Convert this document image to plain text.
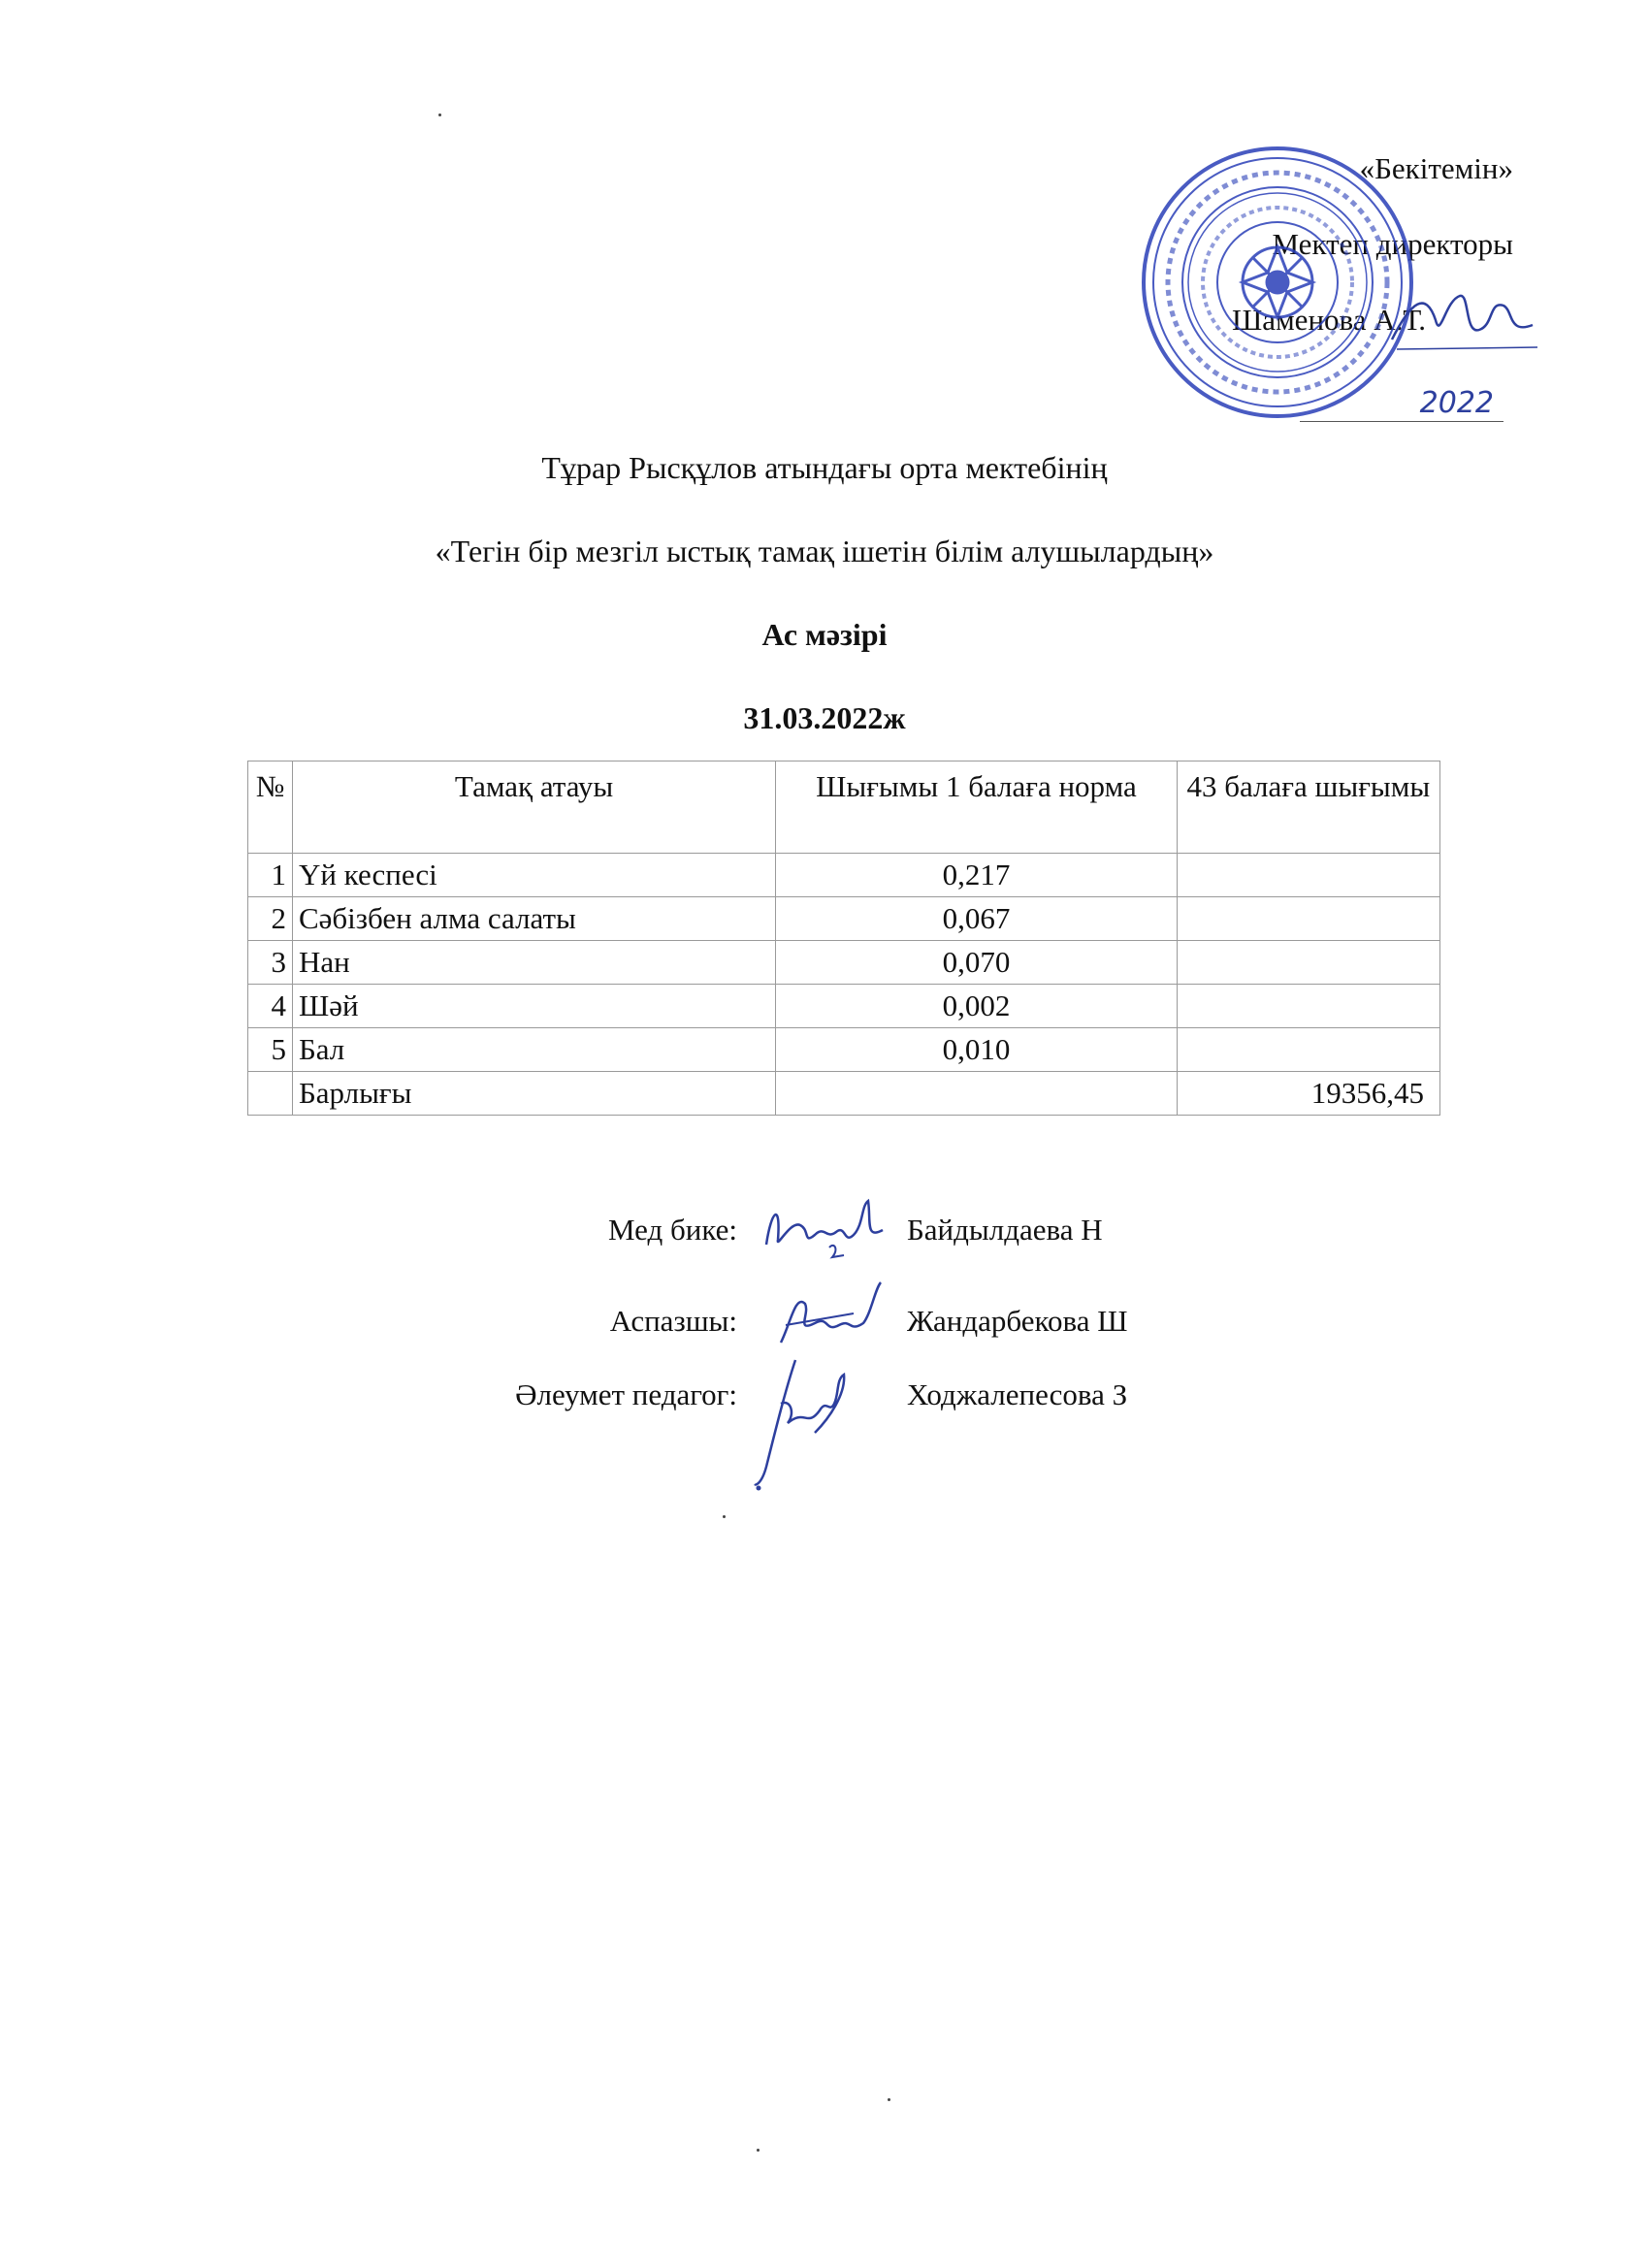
«Бекітемін»
Мектеп директоры
Шаменова А.Т.
2022
Тұрар Рысқұлов атындағы орта мектебінің
«Тегін бір мезгіл ыстық тамақ ішетін білім алушылардың»
Ас мәзірі
31.03.2022ж
№	Тамақ атауы	Шығымы 1 балаға норма	43 балаға шығымы
1	Үй кеспесі	0,217	
2	Сәбізбен алма салаты	0,067	
3	Нан	0,070	
4	Шәй	0,002	
5	Бал	0,010	
	Барлығы		19356,45
Мед бике:	Байдылдаева Н
Аспазшы:	Жандарбекова Ш
Әлеумет педагог:	Ходжалепесова З
